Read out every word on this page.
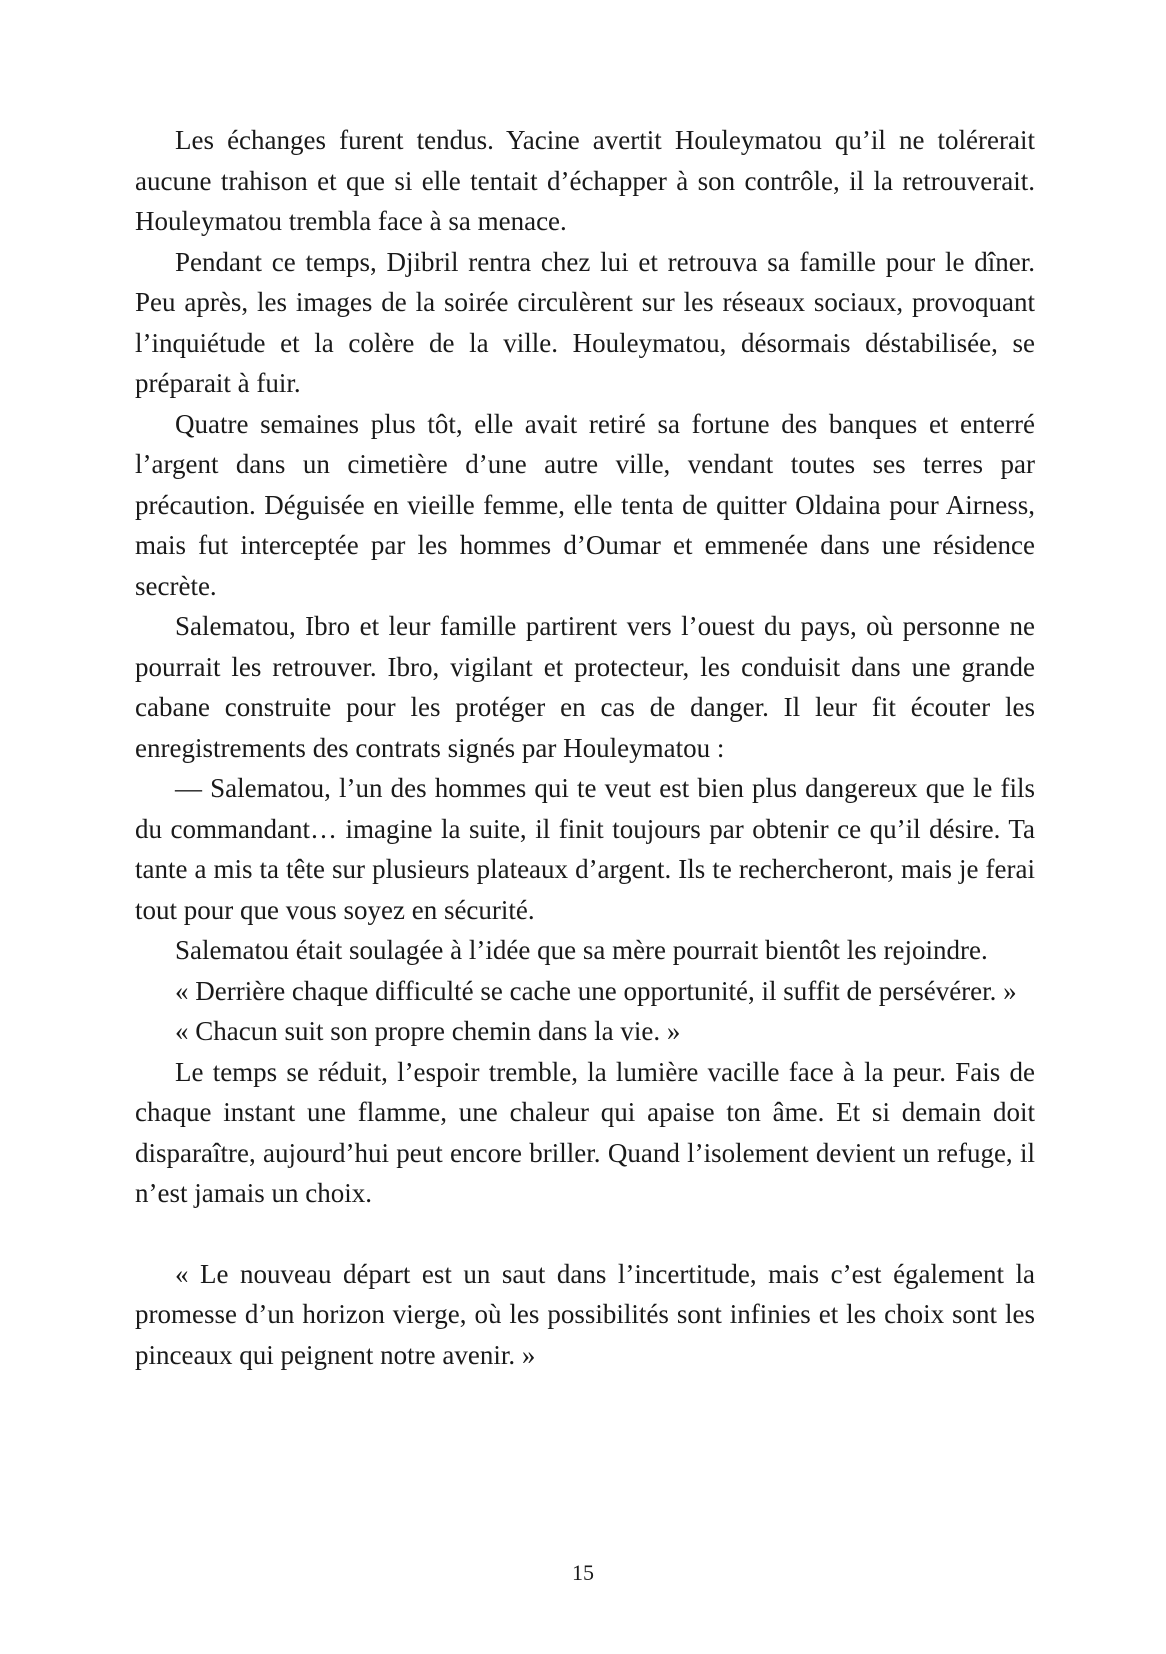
Les échanges furent tendus. Yacine avertit Houleymatou qu’il ne tolérerait aucune trahison et que si elle tentait d’échapper à son contrôle, il la retrouverait. Houleymatou trembla face à sa menace.

Pendant ce temps, Djibril rentra chez lui et retrouva sa famille pour le dîner. Peu après, les images de la soirée circulèrent sur les réseaux sociaux, provoquant l’inquiétude et la colère de la ville. Houleymatou, désormais déstabilisée, se préparait à fuir.

Quatre semaines plus tôt, elle avait retiré sa fortune des banques et enterré l’argent dans un cimetière d’une autre ville, vendant toutes ses terres par précaution. Déguisée en vieille femme, elle tenta de quitter Oldaina pour Airness, mais fut interceptée par les hommes d’Oumar et emmenée dans une résidence secrète.

Salematou, Ibro et leur famille partirent vers l’ouest du pays, où personne ne pourrait les retrouver. Ibro, vigilant et protecteur, les conduisit dans une grande cabane construite pour les protéger en cas de danger. Il leur fit écouter les enregistrements des contrats signés par Houleymatou :

— Salematou, l’un des hommes qui te veut est bien plus dangereux que le fils du commandant… imagine la suite, il finit toujours par obtenir ce qu’il désire. Ta tante a mis ta tête sur plusieurs plateaux d’argent. Ils te rechercheront, mais je ferai tout pour que vous soyez en sécurité.

Salematou était soulagée à l’idée que sa mère pourrait bientôt les rejoindre.

« Derrière chaque difficulté se cache une opportunité, il suffit de persévérer. »

« Chacun suit son propre chemin dans la vie. »

Le temps se réduit, l’espoir tremble, la lumière vacille face à la peur. Fais de chaque instant une flamme, une chaleur qui apaise ton âme. Et si demain doit disparaître, aujourd’hui peut encore briller. Quand l’isolement devient un refuge, il n’est jamais un choix.

« Le nouveau départ est un saut dans l’incertitude, mais c’est également la promesse d’un horizon vierge, où les possibilités sont infinies et les choix sont les pinceaux qui peignent notre avenir. »

15
